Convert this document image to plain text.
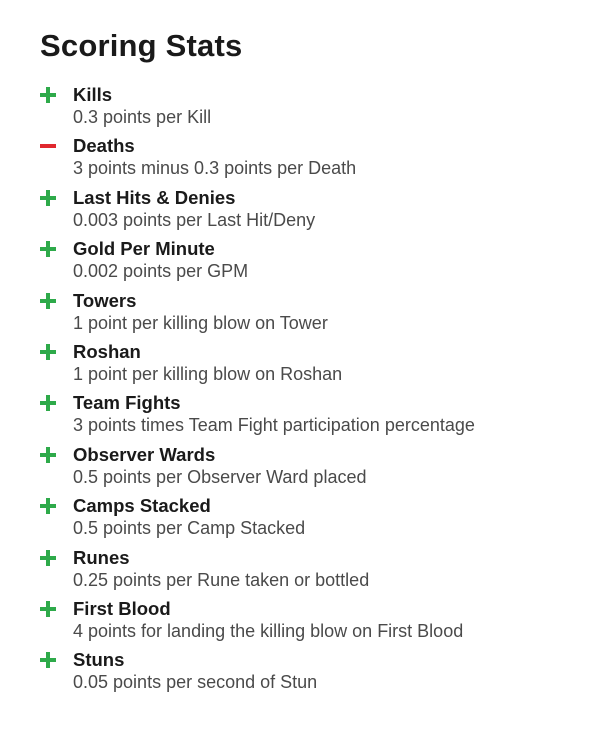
Scoring Stats
Kills
0.3 points per Kill
Deaths
3 points minus 0.3 points per Death
Last Hits & Denies
0.003 points per Last Hit/Deny
Gold Per Minute
0.002 points per GPM
Towers
1 point per killing blow on Tower
Roshan
1 point per killing blow on Roshan
Team Fights
3 points times Team Fight participation percentage
Observer Wards
0.5 points per Observer Ward placed
Camps Stacked
0.5 points per Camp Stacked
Runes
0.25 points per Rune taken or bottled
First Blood
4 points for landing the killing blow on First Blood
Stuns
0.05 points per second of Stun
